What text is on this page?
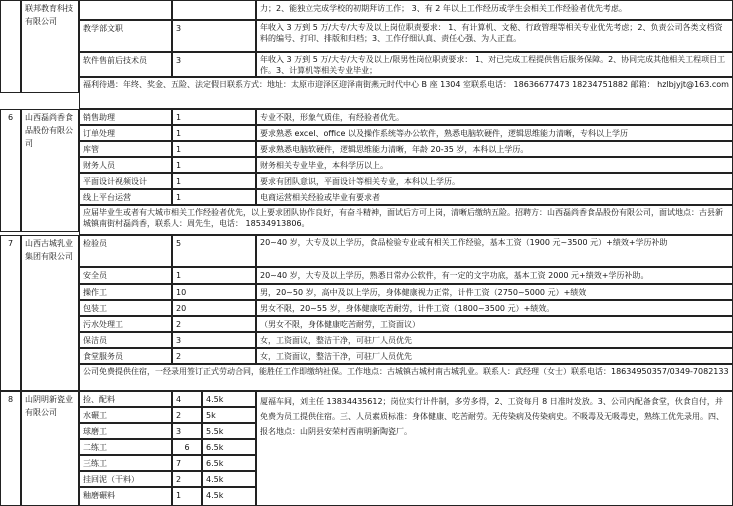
联邦教育科技有限公司
力；2、能独立完成学校的初期拜访工作； 3、有 2 年以上工作经历或学生会相关工作经验者优先考虑。
教学部文职	3	年收入 3 万到 5 万/大专/大专及以上岗位职责要求： 1、有计算机、文秘、行政管理等相关专业优先考虑；2、负责公司各类文档资料的编号、打印、排版和归档；3、工作仔细认真、责任心强、为人正直。
软件售前后技术员	3	年收入 3 万到 5 万/大专/大专及以上/限男性岗位职责要求： 1、对已完成工程提供售后服务保障。2、协同完成其他相关工程项目工作。3、计算机等相关专业毕业；
福利待遇：年终、奖金、五险、法定假日联系方式：地址：太原市迎泽区迎泽南街燕元时代中心 B 座 1304 室联系电话： 18636677473 18234751882 邮箱： hzlbjyjt@163.com
6	山西磊尚香食品股份有限公司
销售助理	1	专业不限，形象气质佳，有经验者优先。
订单处理	1	要求熟悉 excel、office 以及操作系统等办公软件，熟悉电脑软硬件，逻辑思维能力清晰，专科以上学历
库管	1	要求熟悉电脑软硬件，逻辑思维能力清晰，年龄 20-35 岁，本科以上学历。
财务人员	1	财务相关专业毕业，本科学历以上。
平面设计视频设计	1	要求有团队意识，平面设计等相关专业，本科以上学历。
线上平台运营	1	电商运营相关经验或毕业有要求者
应届毕业生或者有大城市相关工作经验者优先，以上要求团队协作良好，有奋斗精神，面试后方可上岗，清晰后缴纳五险。招聘方：山西磊尚香食品股份有限公司，面试地点：古县新城镇南街村磊尚香，联系人：周先生，电话： 18534913806。
7	山西古城乳业集团有限公司
检验员	5	20~40 岁，大专及以上学历，食品检验专业或有相关工作经验，基本工资（1900 元~3500 元）+绩效+学历补助
安全员	1	20~40 岁，大专及以上学历，熟悉日常办公软件，有一定的文字功底，基本工资 2000 元+绩效+学历补助。
操作工	10	男，20~50 岁，高中及以上学历，身体健康视力正常，计件工资（2750~5000 元）+绩效
包装工	20	男女不限，20~55 岁，身体健康吃苦耐劳，计件工资（1800~3500 元）+绩效。
污水处理工	2	（男女不限，身体健康吃苦耐劳，工资面议）
保洁员	3	女，工资面议，整洁干净，可驻厂人员优先
食堂服务员	2	女，工资面议，整洁干净，可驻厂人员优先
公司免费提供住宿，一经录用签订正式劳动合同，能胜任工作即缴纳社保。工作地点：古城镇古城村南古城乳业。联系人：武经理（女士）联系电话：18634950357/0349-7082133
8	山阴明新瓷业有限公司
捡、配料	4	4.5k
水碾工	2	5k
球磨工	3	5.5k
二练工	6	6.5k
三练工	7	6.5k
挂回泥（干料）	2	4.5k
釉磨碾料	1	4.5k
厦福车间，刘主任 13834435612；岗位实行计件制，多劳多得，2、工资每月 8 日准时发放。3、公司内配备食堂，伙食自付，并免费为员工提供住宿。三、人员素质标准：身体健康、吃苦耐劳。无传染病及传染病史。不吸毒及无吸毒史，熟练工优先录用。四、报名地点：山阴县安荣村西南明新陶瓷厂。
